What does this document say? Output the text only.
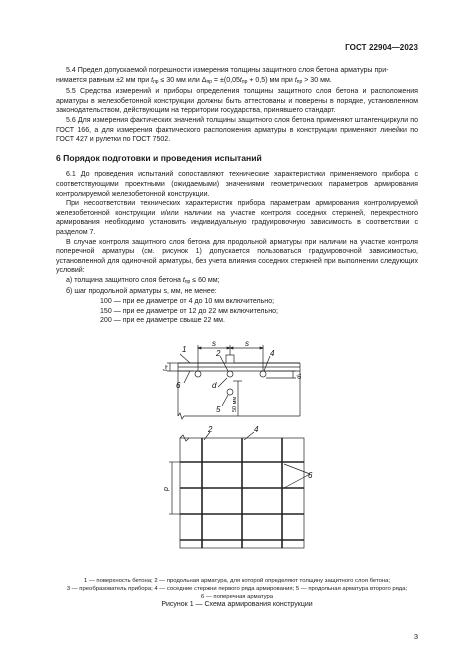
ГОСТ 22904—2023

5.4 Предел допускаемой погрешности измерения толщины защитного слоя бетона арматуры при-

нимается равным ±2 мм при $t_{пр} \le 30$ мм или $\Delta_{пр} = \pm(0,05t_{пр} + 0,5)$ мм при $t_{пр} > 30$ мм.

5.5 Средства измерений и приборы определения толщины защитного слоя бетона и расположения арматуры в железобетонной конструкции должны быть аттестованы и поверены в порядке, установленном законодательством, действующим на территории государства, принявшего стандарт.

5.6 Для измерения фактических значений толщины защитного слоя бетона применяют штангенциркули по ГОСТ 166, а для измерения фактического расположения арматуры в конструкции применяют линейки по ГОСТ 427 и рулетки по ГОСТ 7502.

6 Порядок подготовки и проведения испытаний

6.1 До проведения испытаний сопоставляют технические характеристики применяемого прибора с соответствующими проектными (ожидаемыми) значениями геометрических параметров армирования контролируемой железобетонной конструкции.

При несоответствии технических характеристик прибора параметрам армирования контролируемой железобетонной конструкции и/или наличии на участке контроля соседних стержней, перекрестного армирования необходимо установить индивидуальную градуировочную зависимость в соответствии с разделом 7.

В случае контроля защитного слоя бетона для продольной арматуры при наличии на участке контроля поперечной арматуры (см. рисунок 1) допускается пользоваться градуировочной зависимостью, установленной для одиночной арматуры, без учета влияния соседних стержней при выполнении следующих условий:

а) толщина защитного слоя бетона $t_{пр} \le 60$ мм;

б) шаг продольной арматуры s, мм, не менее:

100 — при ее диаметре от 4 до 10 мм включительно;

150 — при ее диаметре от 12 до 22 мм включительно;

200 — при ее диаметре свыше 22 мм.

1	2	4
6
5
s	s
d
2	4
6
tпр
d1
50 мм
p
1 — поверхность бетона; 2 — продольная арматура, для которой определяют толщину защитного слоя бетона;
3 — преобразователь прибора; 4 — соседние стержни первого ряда армирования; 5 — продольная арматура второго ряда;
6 — поперечная арматура
Рисунок 1 — Схема армирования конструкции
3
